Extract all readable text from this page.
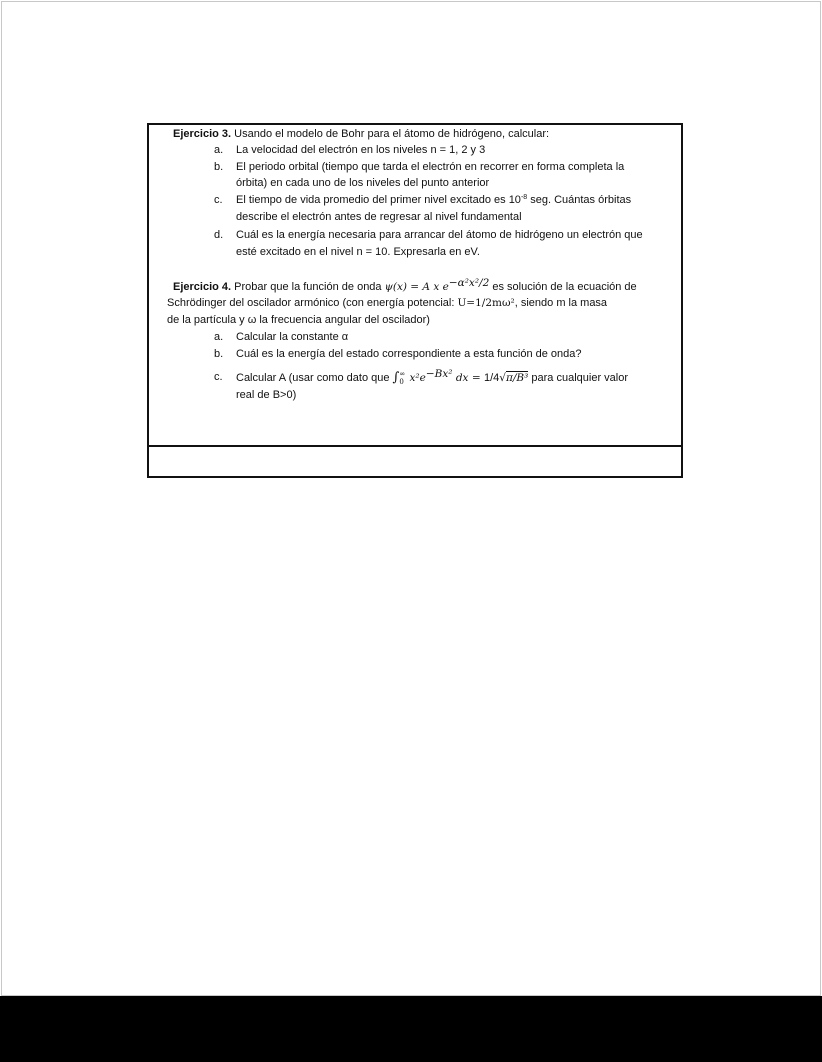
Ejercicio 3. Usando el modelo de Bohr para el átomo de hidrógeno, calcular:
a. La velocidad del electrón en los niveles n = 1, 2 y 3
b. El periodo orbital (tiempo que tarda el electrón en recorrer en forma completa la
órbita) en cada uno de los niveles del punto anterior
c. El tiempo de vida promedio del primer nivel excitado es $10^{-8}$ seg. Cuántas órbitas
describe el electrón antes de regresar al nivel fundamental
d. Cuál es la energía necesaria para arrancar del átomo de hidrógeno un electrón que
esté excitado en el nivel n = 10. Expresarla en eV.
Ejercicio 4. Probar que la función de onda ψ(x) = A x $e^{-\alpha^2x^2/2}$ es solución de la ecuación de
Schrödinger del oscilador armónico (con energía potencial: U=1/2mω², siendo m la masa
de la partícula y ω la frecuencia angular del oscilador)
a. Calcular la constante α
b. Cuál es la energía del estado correspondiente a esta función de onda?
c. Calcular A (usar como dato que ∫ ∞
0 $x^2e^{-Bx^2}$ dx = 1/4√π/B³ para cualquier valor
real de B>0)
